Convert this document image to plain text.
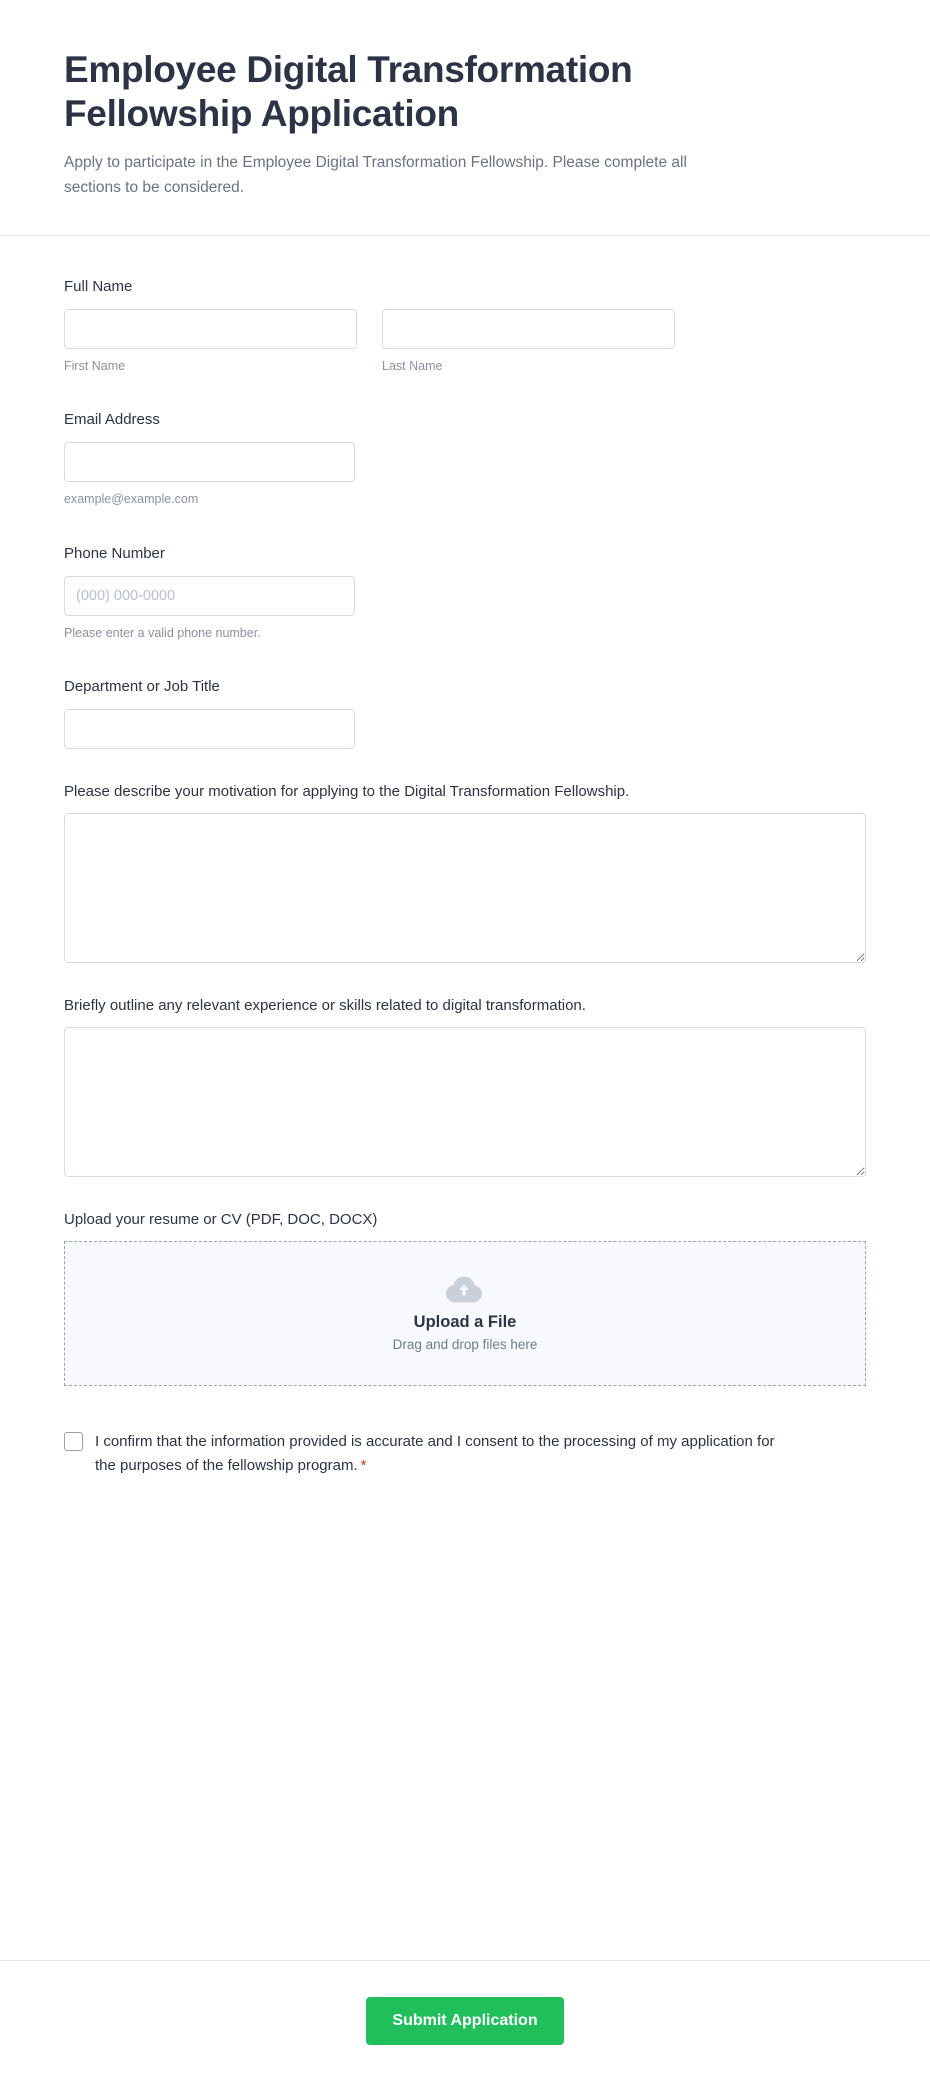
Employee Digital Transformation Fellowship Application

Apply to participate in the Employee Digital Transformation Fellowship. Please complete all sections to be considered.

Full Name
First Name	Last Name
Email Address
example@example.com
Phone Number
(000) 000-0000
Please enter a valid phone number.
Department or Job Title
Please describe your motivation for applying to the Digital Transformation Fellowship.
Briefly outline any relevant experience or skills related to digital transformation.
Upload your resume or CV (PDF, DOC, DOCX)
Upload a File
Drag and drop files here
I confirm that the information provided is accurate and I consent to the processing of my application for the purposes of the fellowship program. *
Submit Application
